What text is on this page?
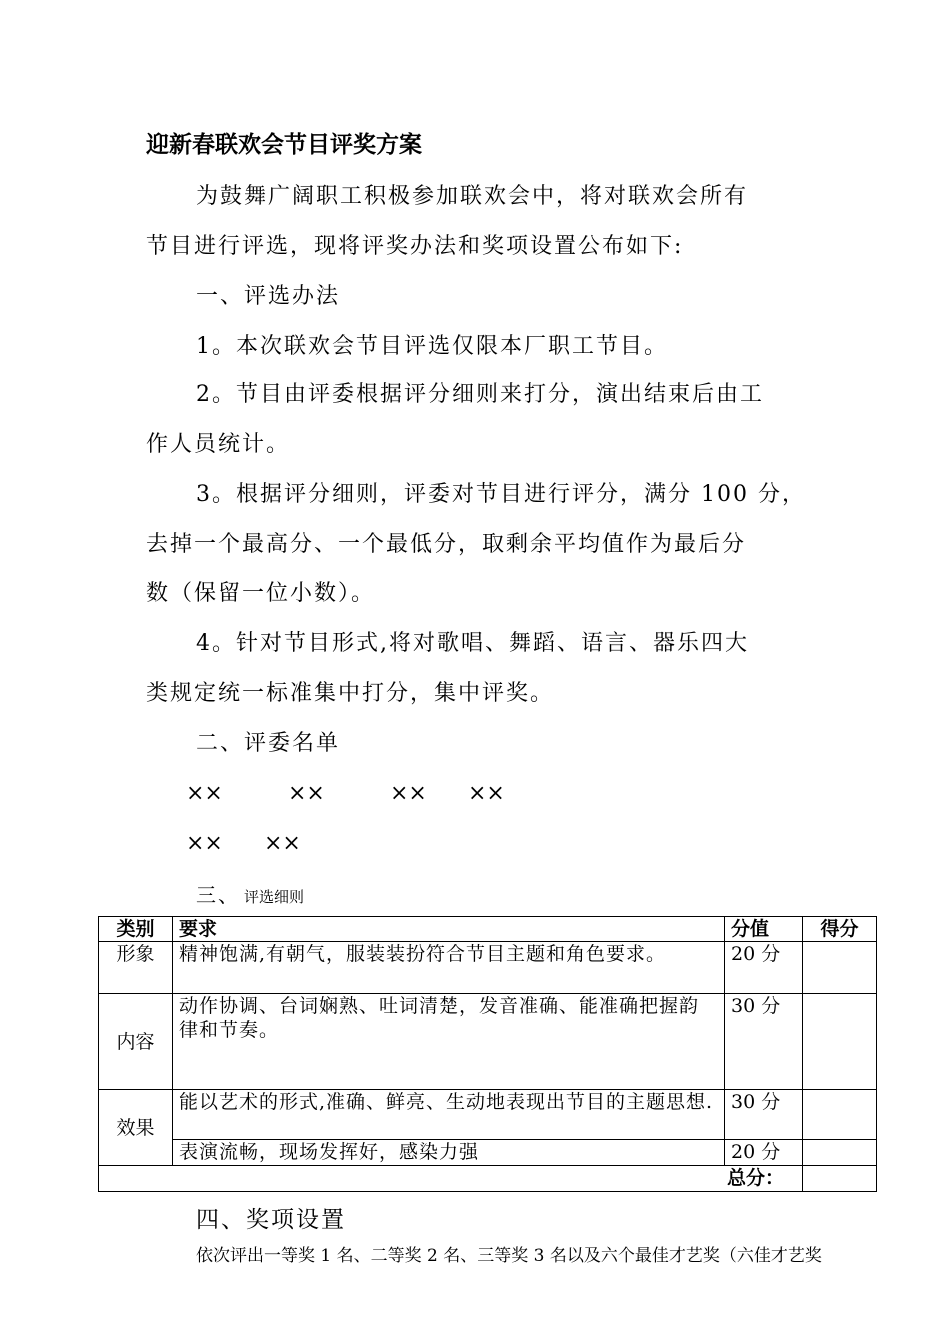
迎新春联欢会节目评奖方案
为鼓舞广阔职工积极参加联欢会中，将对联欢会所有
节目进行评选，现将评奖办法和奖项设置公布如下:
一、评选办法
1。本次联欢会节目评选仅限本厂职工节目。
2。节目由评委根据评分细则来打分，演出结束后由工
作人员统计。
3。根据评分细则，评委对节目进行评分，满分 100 分，
去掉一个最高分、一个最低分，取剩余平均值作为最后分
数（保留一位小数）。
4。针对节目形式,将对歌唱、舞蹈、语言、器乐四大
类规定统一标准集中打分，集中评奖。
二、评委名单
××	××	×× ××
×× ××
三、 评选细则
类别	要求	分值	得分
形象	精神饱满,有朝气，服装装扮符合节目主题和角色要求。	20 分	
内容	动作协调、台词娴熟、吐词清楚，发音准确、能准确把握韵律和节奏。	30 分	
效果	能以艺术的形式,准确、鲜亮、生动地表现出节目的主题思想.	30 分	
	表演流畅，现场发挥好，感染力强	20 分	
总分：			
四、奖项设置
依次评出一等奖 1 名、二等奖 2 名、三等奖 3 名以及六个最佳才艺奖（六佳才艺奖
